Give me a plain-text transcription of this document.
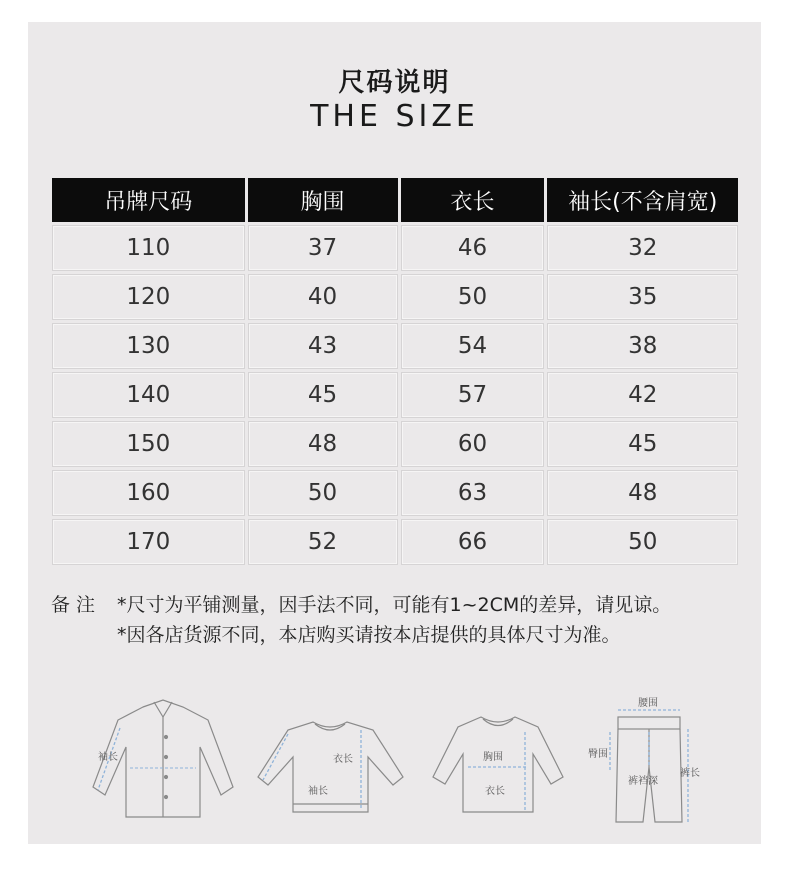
尺码说明
THE SIZE
吊牌尺码	胸围	衣长	袖长(不含肩宽)
110	37	46	32
120	40	50	35
130	43	54	38
140	45	57	42
150	48	60	45
160	50	63	48
170	52	66	50
备注 *尺寸为平铺测量，因手法不同，可能有1~2CM的差异，请见谅。
*因各店货源不同，本店购买请按本店提供的具体尺寸为准。
袖长	衣长
袖长
胸围
衣长
腰围
臀围
裤裆深
裤长
